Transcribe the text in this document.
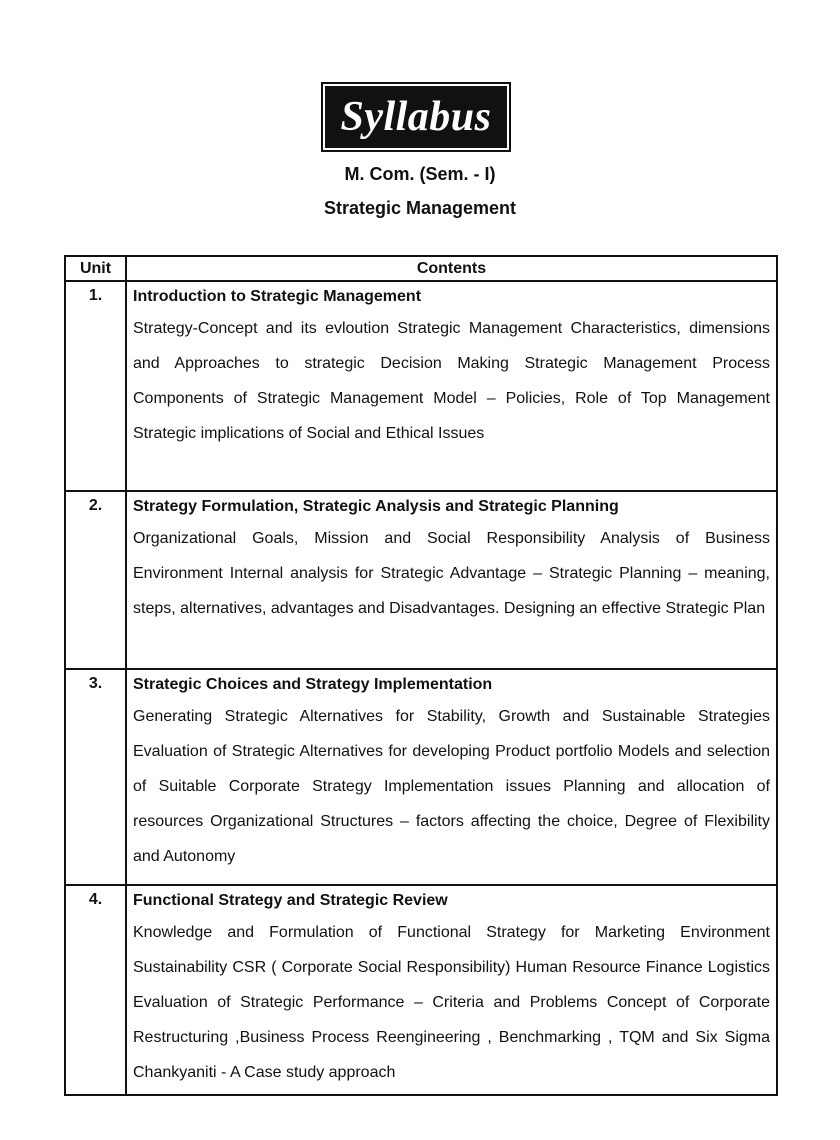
Syllabus
M. Com. (Sem. - I)
Strategic Management
Unit	Contents
1.	Introduction to Strategic Management

Strategy-Concept and its evloution Strategic Management Characteristics, dimensions and Approaches to strategic Decision Making Strategic Management Process Components of Strategic Management Model – Policies, Role of Top Management Strategic implications of Social and Ethical Issues

2.	Strategy Formulation, Strategic Analysis and Strategic Planning

Organizational Goals, Mission and Social Responsibility Analysis of Business Environment Internal analysis for Strategic Advantage – Strategic Planning – meaning, steps, alternatives, advantages and Disadvantages. Designing an effective Strategic Plan

3.	Strategic Choices and Strategy Implementation

Generating Strategic Alternatives for Stability, Growth and Sustainable Strategies Evaluation of Strategic Alternatives for developing Product portfolio Models and selection of Suitable Corporate Strategy Implementation issues Planning and allocation of resources Organizational Structures – factors affecting the choice, Degree of Flexibility and Autonomy

4.	Functional Strategy and Strategic Review

Knowledge and Formulation of Functional Strategy for Marketing Environment Sustainability CSR ( Corporate Social Responsibility) Human Resource Finance Logistics Evaluation of Strategic Performance – Criteria and Problems Concept of Corporate Restructuring ,Business Process Reengineering , Benchmarking , TQM and Six Sigma Chankyaniti - A Case study approach
